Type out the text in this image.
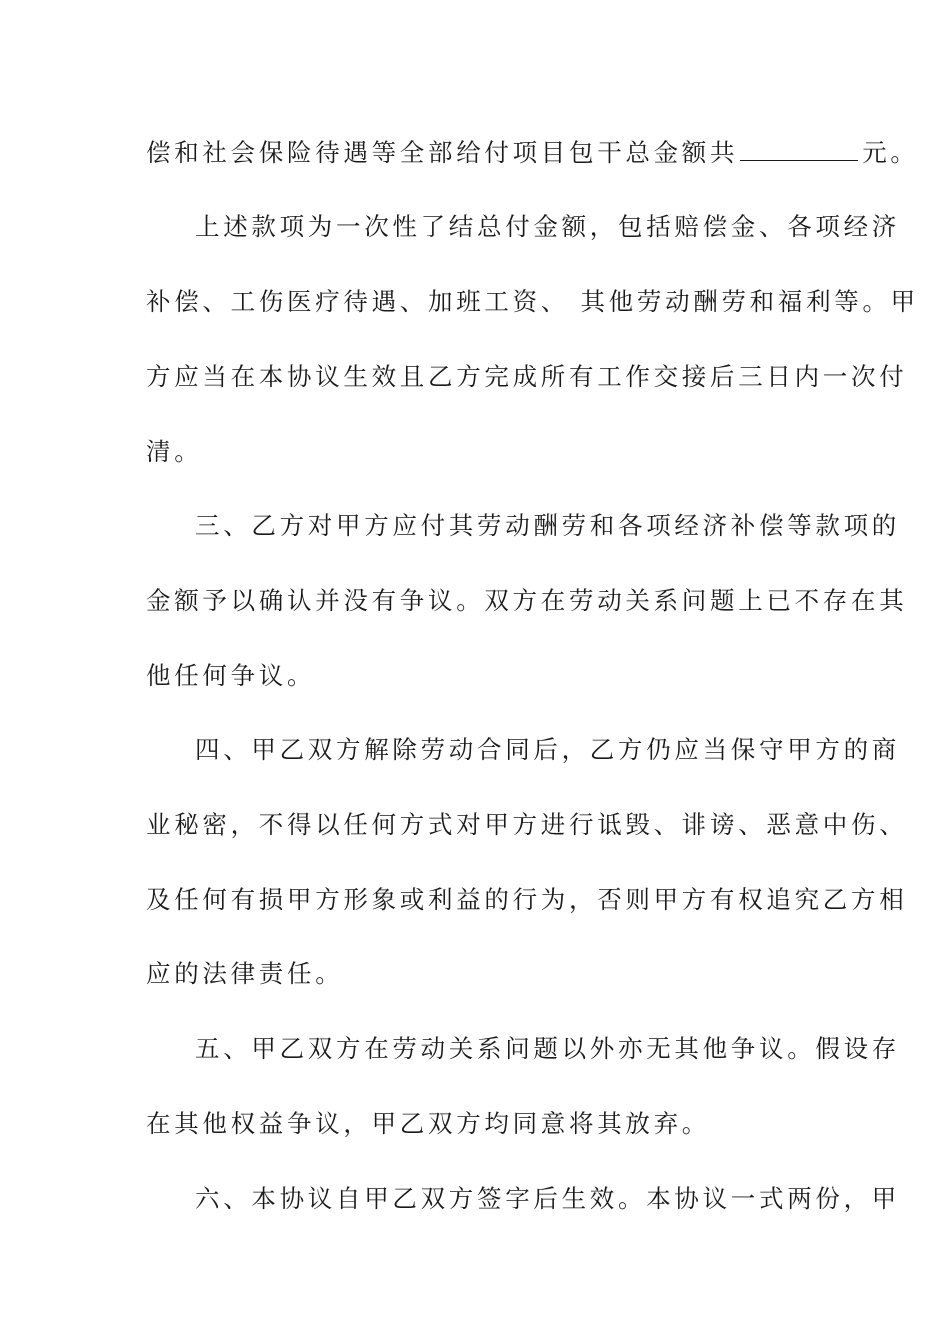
偿和社会保险待遇等全部给付项目包干总金额共	元。
上述款项为一次性了结总付金额，包括赔偿金、各项经济
补偿、工伤医疗待遇、加班工资、 其他劳动酬劳和福利等。甲
方应当在本协议生效且乙方完成所有工作交接后三日内一次付
清。
三、乙方对甲方应付其劳动酬劳和各项经济补偿等款项的
金额予以确认并没有争议。双方在劳动关系问题上已不存在其
他任何争议。
四、甲乙双方解除劳动合同后，乙方仍应当保守甲方的商
业秘密，不得以任何方式对甲方进行诋毁、诽谤、恶意中伤、
及任何有损甲方形象或利益的行为，否则甲方有权追究乙方相
应的法律责任。
五、甲乙双方在劳动关系问题以外亦无其他争议。假设存
在其他权益争议，甲乙双方均同意将其放弃。
六、本协议自甲乙双方签字后生效。本协议一式两份，甲
